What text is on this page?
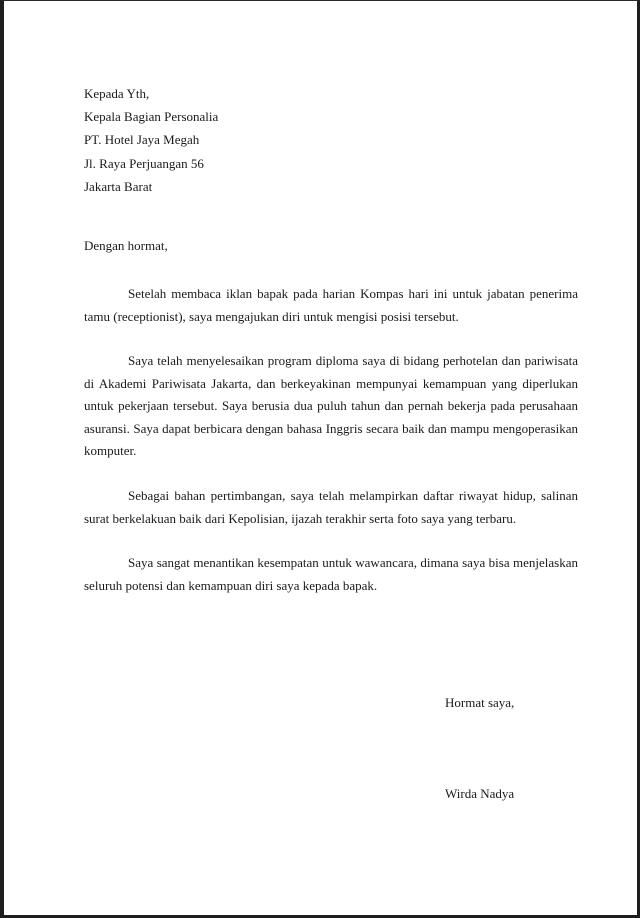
Kepada Yth,
Kepala Bagian Personalia
PT. Hotel Jaya Megah
Jl. Raya Perjuangan 56
Jakarta Barat
Dengan hormat,

Setelah membaca iklan bapak pada harian Kompas hari ini untuk jabatan penerima tamu (receptionist), saya mengajukan diri untuk mengisi posisi tersebut.

Saya telah menyelesaikan program diploma saya di bidang perhotelan dan pariwisata di Akademi Pariwisata Jakarta, dan berkeyakinan mempunyai kemampuan yang diperlukan untuk pekerjaan tersebut. Saya berusia dua puluh tahun dan pernah bekerja pada perusahaan asuransi. Saya dapat berbicara dengan bahasa Inggris secara baik dan mampu mengoperasikan komputer.

Sebagai bahan pertimbangan, saya telah melampirkan daftar riwayat hidup, salinan surat berkelakuan baik dari Kepolisian, ijazah terakhir serta foto saya yang terbaru.

Saya sangat menantikan kesempatan untuk wawancara, dimana saya bisa menjelaskan seluruh potensi dan kemampuan diri saya kepada bapak.

Hormat saya,
Wirda Nadya
